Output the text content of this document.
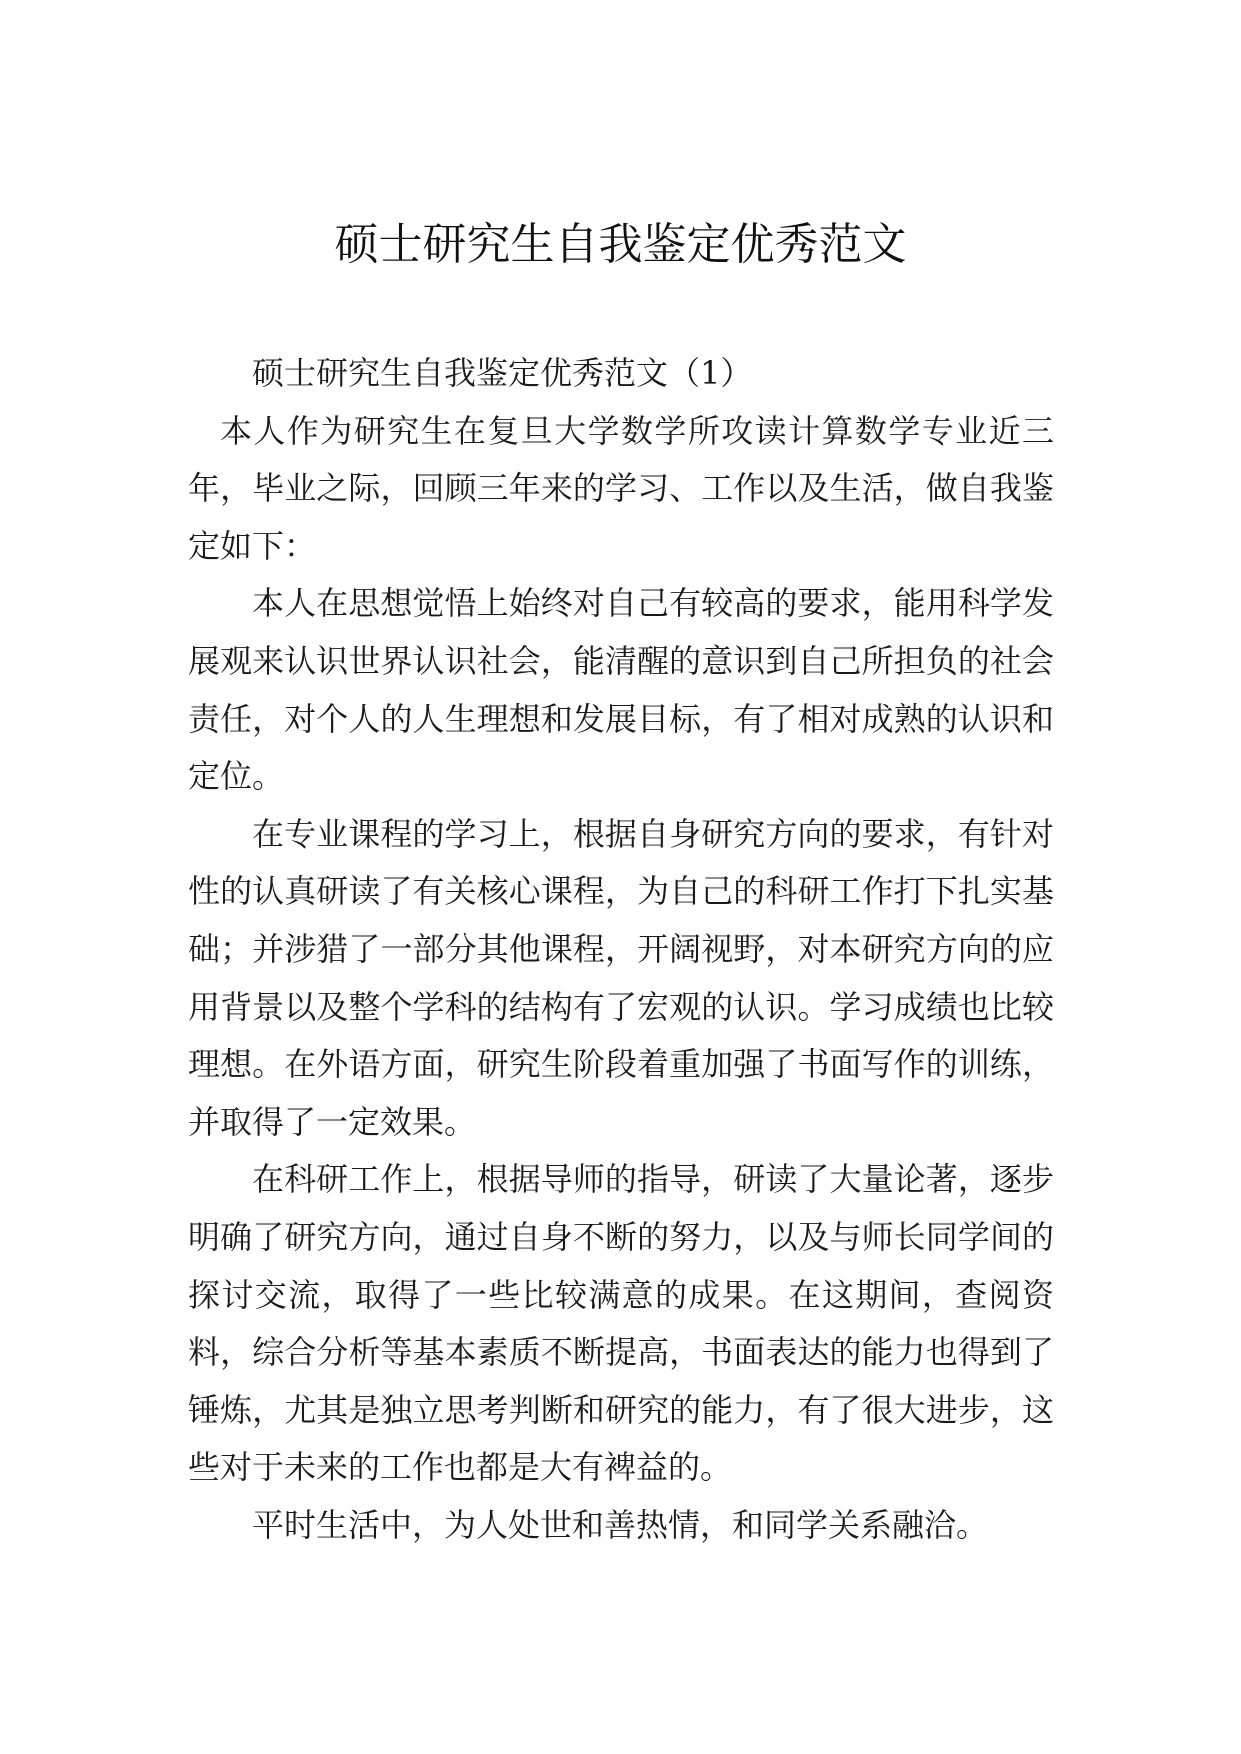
硕士研究生自我鉴定优秀范文

硕士研究生自我鉴定优秀范文（1）

本人作为研究生在复旦大学数学所攻读计算数学专业近三年，毕业之际，回顾三年来的学习、工作以及生活，做自我鉴定如下：

本人在思想觉悟上始终对自己有较高的要求，能用科学发展观来认识世界认识社会，能清醒的意识到自己所担负的社会责任，对个人的人生理想和发展目标，有了相对成熟的认识和定位。

在专业课程的学习上，根据自身研究方向的要求，有针对性的认真研读了有关核心课程，为自己的科研工作打下扎实基础；并涉猎了一部分其他课程，开阔视野，对本研究方向的应用背景以及整个学科的结构有了宏观的认识。学习成绩也比较理想。在外语方面，研究生阶段着重加强了书面写作的训练，并取得了一定效果。

在科研工作上，根据导师的指导，研读了大量论著，逐步明确了研究方向，通过自身不断的努力，以及与师长同学间的探讨交流，取得了一些比较满意的成果。在这期间，查阅资料，综合分析等基本素质不断提高，书面表达的能力也得到了锤炼，尤其是独立思考判断和研究的能力，有了很大进步，这些对于未来的工作也都是大有裨益的。

平时生活中，为人处世和善热情，和同学关系融洽。
